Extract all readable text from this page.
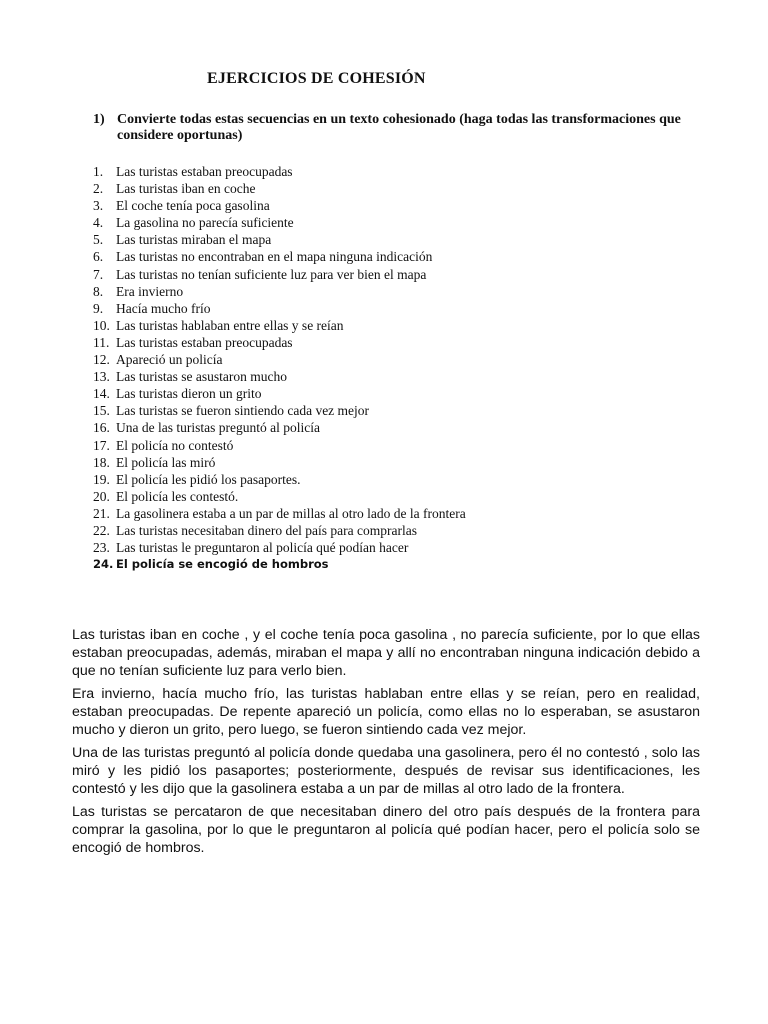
EJERCICIOS DE COHESIÓN
1) Convierte todas estas secuencias en un texto cohesionado (haga todas las transformaciones que considere oportunas)
1. Las turistas estaban preocupadas
2. Las turistas iban en coche
3. El coche tenía poca gasolina
4. La gasolina no parecía suficiente
5. Las turistas miraban el mapa
6. Las turistas no encontraban en el mapa ninguna indicación
7. Las turistas no tenían suficiente luz para ver bien el mapa
8. Era invierno
9. Hacía mucho frío
10. Las turistas hablaban entre ellas y se reían
11. Las turistas estaban preocupadas
12. Apareció un policía
13. Las turistas se asustaron mucho
14. Las turistas dieron un grito
15. Las turistas se fueron sintiendo cada vez mejor
16. Una de las turistas preguntó al policía
17. El policía no contestó
18. El policía las miró
19. El policía les pidió los pasaportes.
20. El policía les contestó.
21. La gasolinera estaba a un par de millas al otro lado de la frontera
22. Las turistas necesitaban dinero del país para comprarlas
23. Las turistas le preguntaron al policía qué podían hacer
24. El policía se encogió de hombros

Las turistas iban en coche , y el coche tenía poca gasolina , no parecía suficiente, por lo que ellas estaban preocupadas, además, miraban el mapa y allí no encontraban ninguna indicación debido a que no tenían suficiente luz para verlo bien.

Era invierno, hacía mucho frío, las turistas hablaban entre ellas y se reían, pero en realidad, estaban preocupadas. De repente apareció un policía, como ellas no lo esperaban, se asustaron mucho y dieron un grito, pero luego, se fueron sintiendo cada vez mejor.

Una de las turistas preguntó al policía donde quedaba una gasolinera, pero él no contestó , solo las miró y les pidió los pasaportes; posteriormente, después de revisar sus identificaciones, les contestó y les dijo que la gasolinera estaba a un par de millas al otro lado de la frontera.

Las turistas se percataron de que necesitaban dinero del otro país después de la frontera para comprar la gasolina, por lo que le preguntaron al policía qué podían hacer, pero el policía solo se encogió de hombros.
